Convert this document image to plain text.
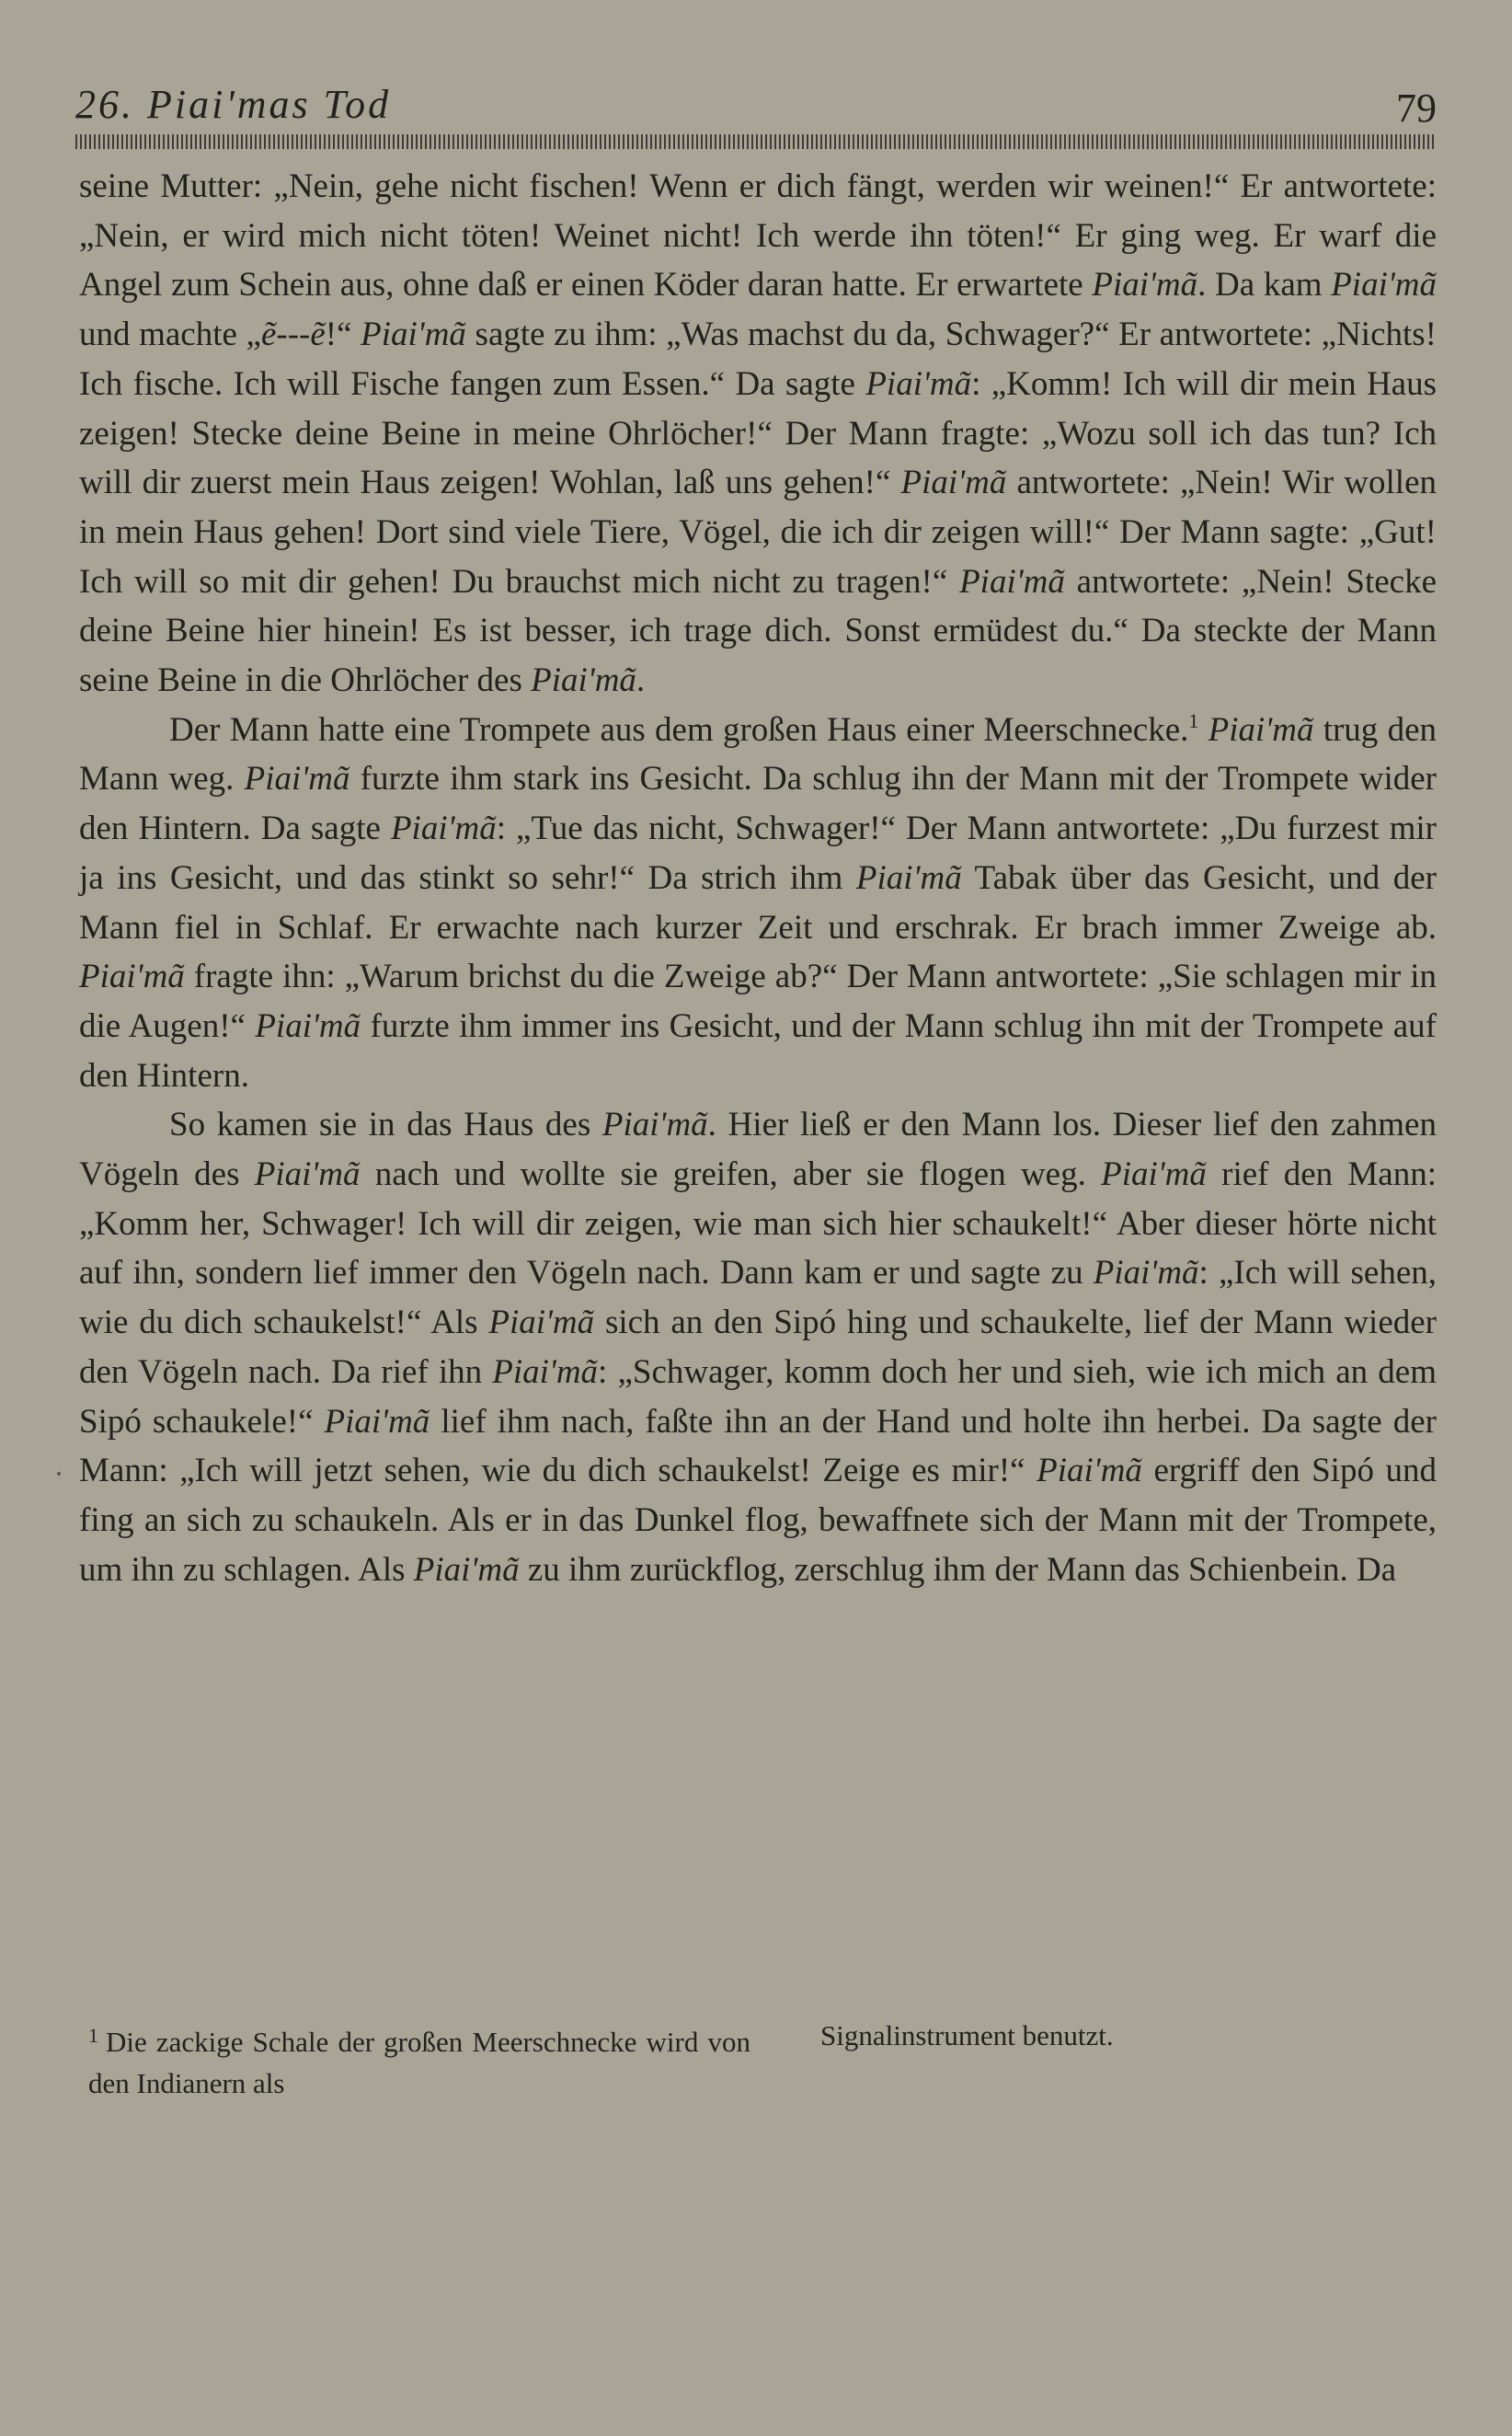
26. Piai'mas Tod	79

seine Mutter: „Nein, gehe nicht fischen! Wenn er dich fängt, werden wir weinen!“ Er antwortete: „Nein, er wird mich nicht töten! Weinet nicht! Ich werde ihn töten!“ Er ging weg. Er warf die Angel zum Schein aus, ohne daß er einen Köder daran hatte. Er erwartete Piai'mã. Da kam Piai'mã und machte „ẽ---ẽ!“ Piai'mã sagte zu ihm: „Was machst du da, Schwager?“ Er antwortete: „Nichts! Ich fische. Ich will Fische fangen zum Essen.“ Da sagte Piai'mã: „Komm! Ich will dir mein Haus zeigen! Stecke deine Beine in meine Ohrlöcher!“ Der Mann fragte: „Wozu soll ich das tun? Ich will dir zuerst mein Haus zeigen! Wohlan, laß uns gehen!“ Piai'mã antwortete: „Nein! Wir wollen in mein Haus gehen! Dort sind viele Tiere, Vögel, die ich dir zeigen will!“ Der Mann sagte: „Gut! Ich will so mit dir gehen! Du brauchst mich nicht zu tragen!“ Piai'mã antwortete: „Nein! Stecke deine Beine hier hinein! Es ist besser, ich trage dich. Sonst ermüdest du.“ Da steckte der Mann seine Beine in die Ohrlöcher des Piai'mã.

Der Mann hatte eine Trompete aus dem großen Haus einer Meerschnecke.$^1$ Piai'mã trug den Mann weg. Piai'mã furzte ihm stark ins Gesicht. Da schlug ihn der Mann mit der Trompete wider den Hintern. Da sagte Piai'mã: „Tue das nicht, Schwager!“ Der Mann antwortete: „Du furzest mir ja ins Gesicht, und das stinkt so sehr!“ Da strich ihm Piai'mã Tabak über das Gesicht, und der Mann fiel in Schlaf. Er erwachte nach kurzer Zeit und erschrak. Er brach immer Zweige ab. Piai'mã fragte ihn: „Warum brichst du die Zweige ab?“ Der Mann antwortete: „Sie schlagen mir in die Augen!“ Piai'mã furzte ihm immer ins Gesicht, und der Mann schlug ihn mit der Trompete auf den Hintern.

So kamen sie in das Haus des Piai'mã. Hier ließ er den Mann los. Dieser lief den zahmen Vögeln des Piai'mã nach und wollte sie greifen, aber sie flogen weg. Piai'mã rief den Mann: „Komm her, Schwager! Ich will dir zeigen, wie man sich hier schaukelt!“ Aber dieser hörte nicht auf ihn, sondern lief immer den Vögeln nach. Dann kam er und sagte zu Piai'mã: „Ich will sehen, wie du dich schaukelst!“ Als Piai'mã sich an den Sipó hing und schaukelte, lief der Mann wieder den Vögeln nach. Da rief ihn Piai'mã: „Schwager, komm doch her und sieh, wie ich mich an dem Sipó schaukele!“ Piai'mã lief ihm nach, faßte ihn an der Hand und holte ihn herbei. Da sagte der Mann: „Ich will jetzt sehen, wie du dich schaukelst! Zeige es mir!“ Piai'mã ergriff den Sipó und fing an sich zu schaukeln. Als er in das Dunkel flog, bewaffnete sich der Mann mit der Trompete, um ihn zu schlagen. Als Piai'mã zu ihm zurückflog, zerschlug ihm der Mann das Schienbein. Da

$^1$ Die zackige Schale der großen Meerschnecke wird von den Indianern als
Signalinstrument benutzt.
